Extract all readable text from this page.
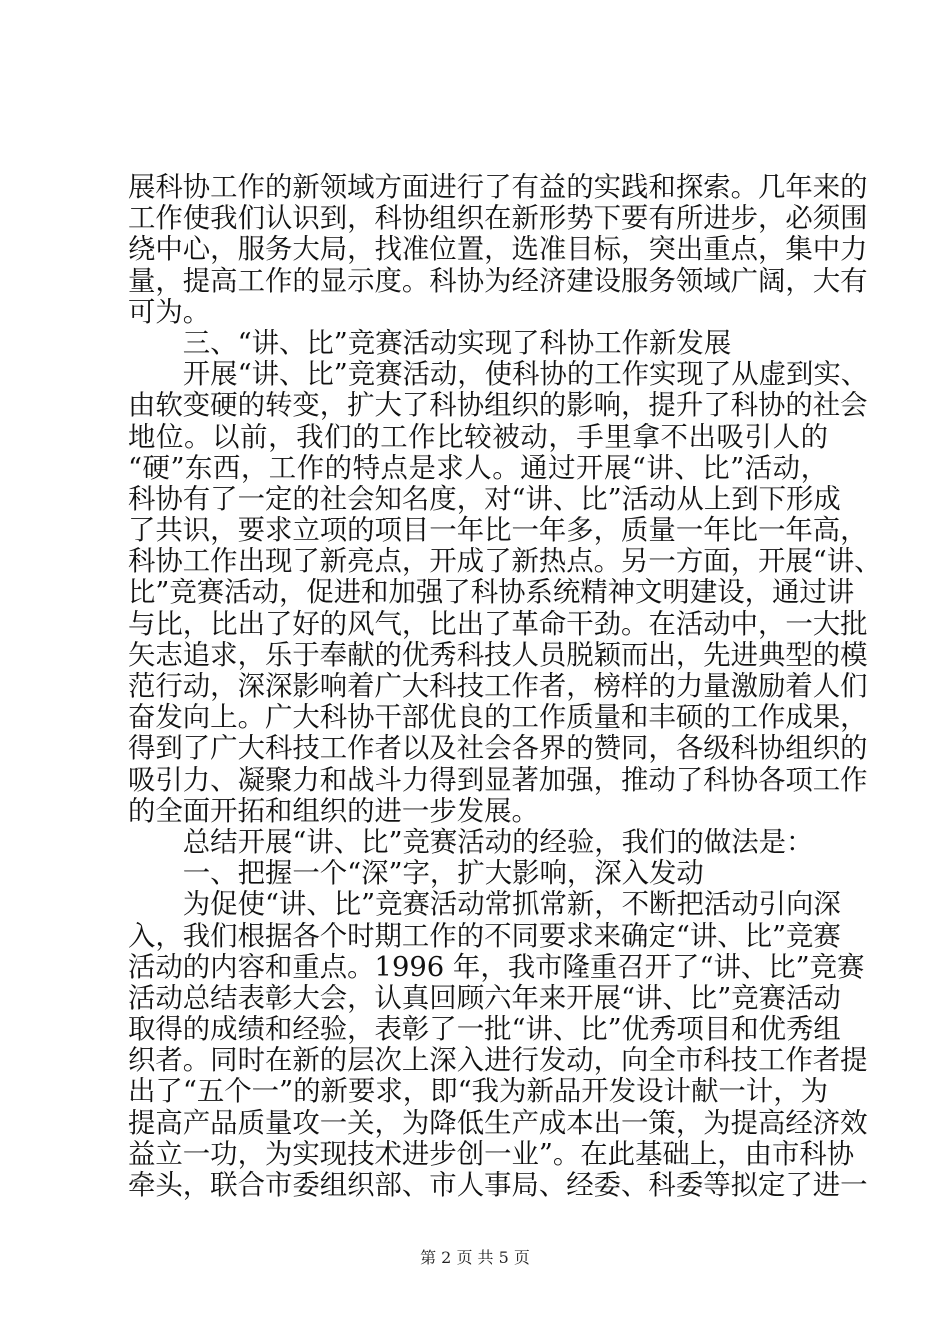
展科协工作的新领域方面进行了有益的实践和探索。几年来的
工作使我们认识到，科协组织在新形势下要有所进步，必须围
绕中心，服务大局，找准位置，选准目标，突出重点，集中力
量，提高工作的显示度。科协为经济建设服务领域广阔，大有
可为。
　　三、“讲、比”竞赛活动实现了科协工作新发展
　　开展“讲、比”竞赛活动，使科协的工作实现了从虚到实、
由软变硬的转变，扩大了科协组织的影响，提升了科协的社会
地位。以前，我们的工作比较被动，手里拿不出吸引人的
“硬”东西，工作的特点是求人。通过开展“讲、比”活动，
科协有了一定的社会知名度，对“讲、比”活动从上到下形成
了共识，要求立项的项目一年比一年多，质量一年比一年高，
科协工作出现了新亮点，开成了新热点。另一方面，开展“讲、
比”竞赛活动，促进和加强了科协系统精神文明建设，通过讲
与比，比出了好的风气，比出了革命干劲。在活动中，一大批
矢志追求，乐于奉献的优秀科技人员脱颖而出，先进典型的模
范行动，深深影响着广大科技工作者，榜样的力量激励着人们
奋发向上。广大科协干部优良的工作质量和丰硕的工作成果，
得到了广大科技工作者以及社会各界的赞同，各级科协组织的
吸引力、凝聚力和战斗力得到显著加强，推动了科协各项工作
的全面开拓和组织的进一步发展。
　　总结开展“讲、比”竞赛活动的经验，我们的做法是：
　　一、把握一个“深”字，扩大影响，深入发动
　　为促使“讲、比”竞赛活动常抓常新，不断把活动引向深
入，我们根据各个时期工作的不同要求来确定“讲、比”竞赛
活动的内容和重点。1996 年，我市隆重召开了“讲、比”竞赛
活动总结表彰大会，认真回顾六年来开展“讲、比”竞赛活动
取得的成绩和经验，表彰了一批“讲、比”优秀项目和优秀组
织者。同时在新的层次上深入进行发动，向全市科技工作者提
出了“五个一”的新要求，即“我为新品开发设计献一计，为
提高产品质量攻一关，为降低生产成本出一策，为提高经济效
益立一功，为实现技术进步创一业”。在此基础上，由市科协
牵头，联合市委组织部、市人事局、经委、科委等拟定了进一
第 2 页 共 5 页
